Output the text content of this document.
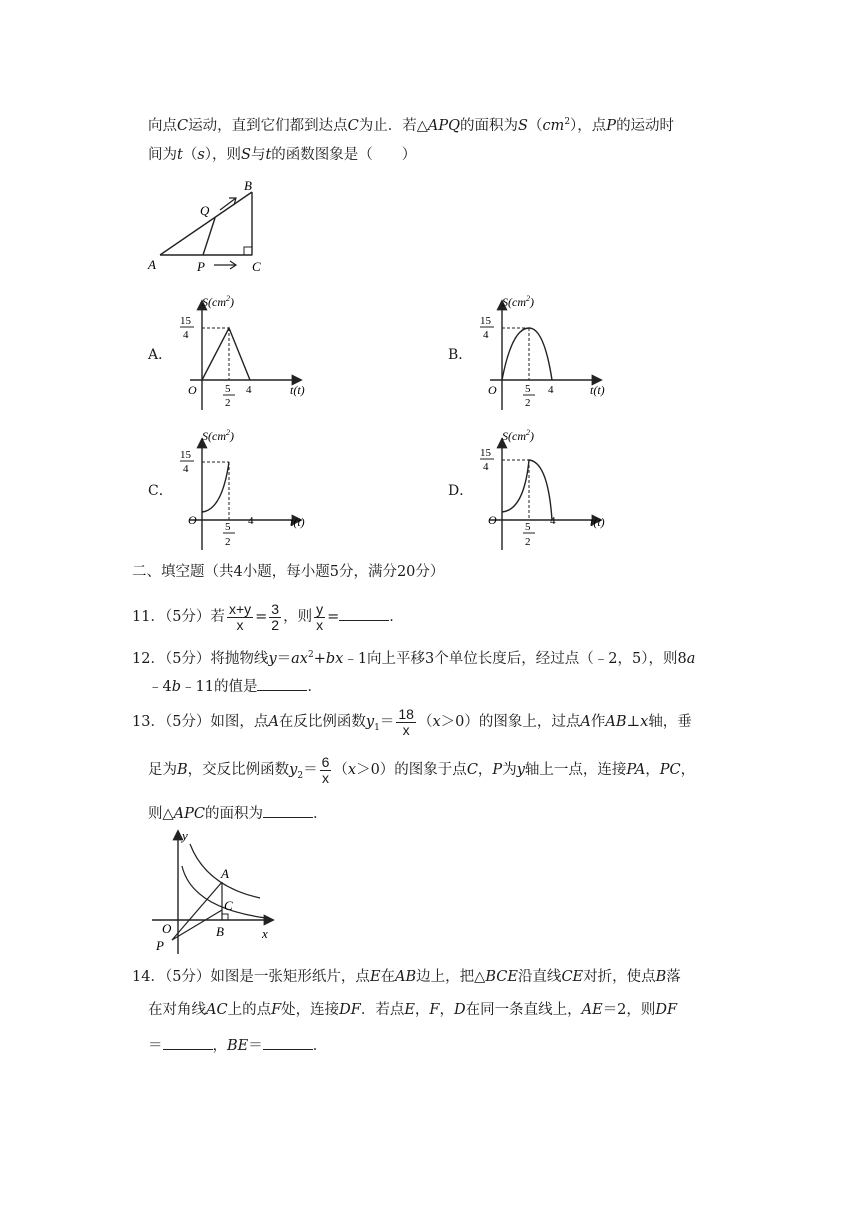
向点C运动，直到它们都到达点C为止．若△APQ的面积为$S(cm^2)$，点P的运动时
间为t（s），则S与t的函数图象是（　　）
A
B
C
P
Q
A．	B．
C．	D．
$S(cm^2)$
15
4
O	5
2
4	t(t)
$S(cm^2)$
15
4
O	5
2
4	t(t)
$S(cm^2)$
15
4
O	5
2
4	t(t)
$S(cm^2)$
15
4
O	5
2
4	t(t)
二、填空题（共4小题，每小题5分，满分20分）
11．（5分）若 $\frac{x+y}{x} = \frac{3}{2}$ ，则 $\frac{y}{x}$ =	．
12．（5分）将抛物线$y=ax^2+bx﹣1$向上平移3个单位长度后，经过点（﹣2，5），则8a
﹣4b﹣11的值是	．
13．（5分）如图，点A在反比例函数$y_1= \frac{18}{x} (x>0)$的图象上，过点A作AB⊥x轴，垂
足为B，交反比例函数$y_2= \frac{6}{x} (x>0)$的图象于点C，P为y轴上一点，连接PA，PC，
则△APC的面积为	．
y
x
A
C
B
O
P
14．（5分）如图是一张矩形纸片，点E在AB边上，把△BCE沿直线CE对折，使点B落
在对角线AC上的点F处，连接DF．若点E，F，D在同一条直线上，AE＝2，则DF
＝	，BE＝	．
